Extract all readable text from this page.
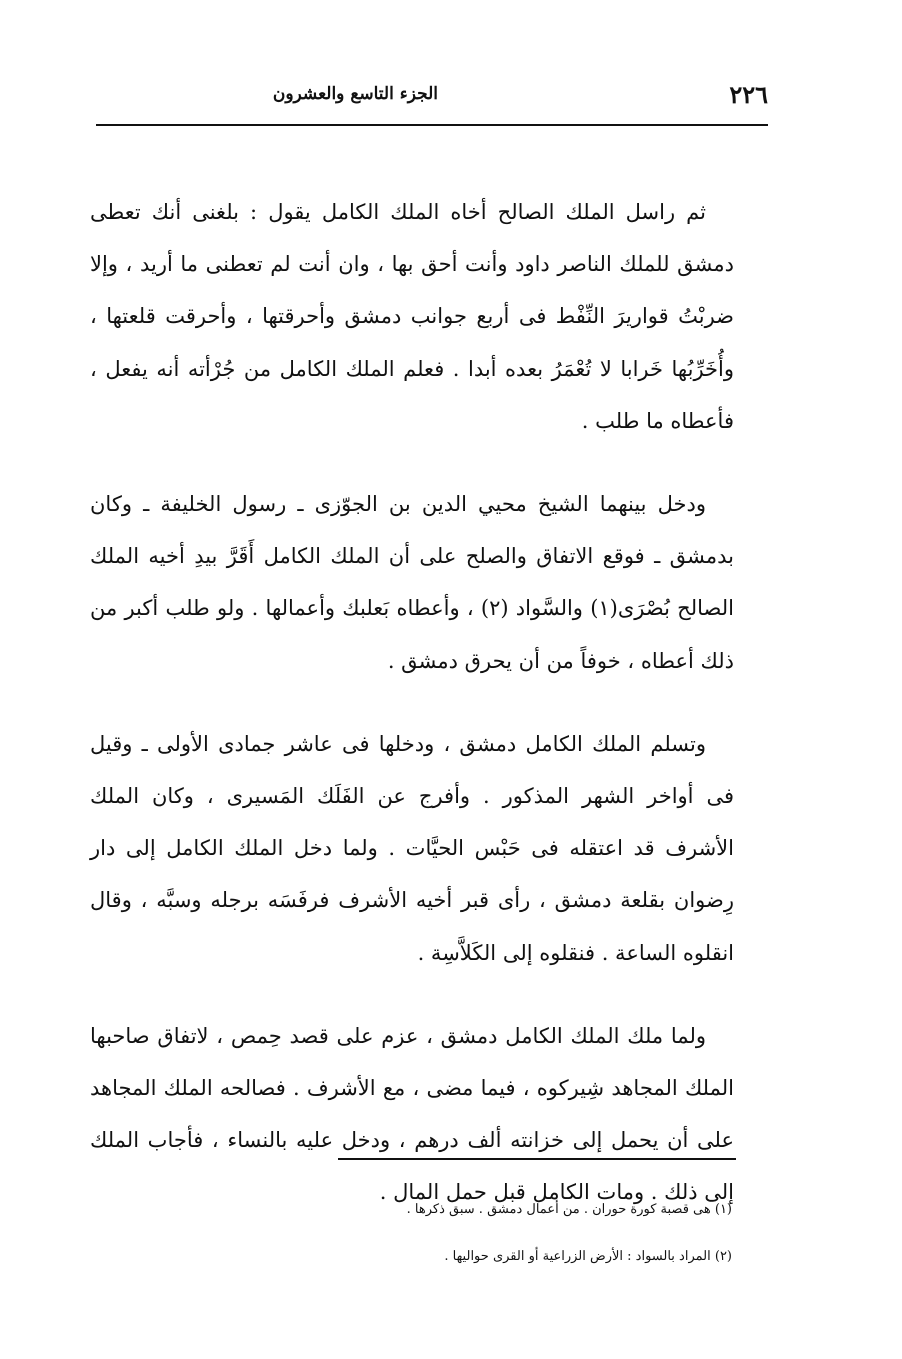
٢٢٦
الجزء التاسع والعشرون

ثم راسل الملك الصالح أخاه الملك الكامل يقول : بلغنى أنك تعطى دمشق للملك الناصر داود وأنت أحق بها ، وان أنت لم تعطنى ما أريد ، وإلا ضربْتُ قواريرَ النِّفْط فى أربع جوانب دمشق وأحرقتها ، وأحرقت قلعتها ، وأُخَرِّبُها خَرابا لا تُعْمَرُ بعده أبدا . فعلم الملك الكامل من جُرْأته أنه يفعل ، فأعطاه ما طلب .

ودخل بينهما الشيخ محيي الدين بن الجوّزى ـ رسول الخليفة ـ وكان بدمشق ـ فوقع الاتفاق والصلح على أن الملك الكامل أَقَرَّ بيدِ أخيه الملك الصالح بُصْرَى(١) والسَّواد (٢) ، وأعطاه بَعلبك وأعمالها . ولو طلب أكبر من ذلك أعطاه ، خوفاً من أن يحرق دمشق .

وتسلم الملك الكامل دمشق ، ودخلها فى عاشر جمادى الأولى ـ وقيل فى أواخر الشهر المذكور . وأفرج عن الفَلَك المَسيرى ، وكان الملك الأشرف قد اعتقله فى حَبْس الحيَّات . ولما دخل الملك الكامل إلى دار رِضوان بقلعة دمشق ، رأى قبر أخيه الأشرف فرفَسَه برجله وسبَّه ، وقال انقلوه الساعة . فنقلوه إلى الكَلاَّسِة .

ولما ملك الملك الكامل دمشق ، عزم على قصد حِمص ، لاتفاق صاحبها الملك المجاهد شِيركوه ، فيما مضى ، مع الأشرف . فصالحه الملك المجاهد على أن يحمل إلى خزانته ألف درهم ، ودخل عليه بالنساء ، فأجاب الملك إلى ذلك . ومات الكامل قبل حمل المال .

(١) هى قصبة كورة حوران . من أعمال دمشق . سبق ذكرها .
(٢) المراد بالسواد : الأرض الزراعية أو القرى حواليها .
